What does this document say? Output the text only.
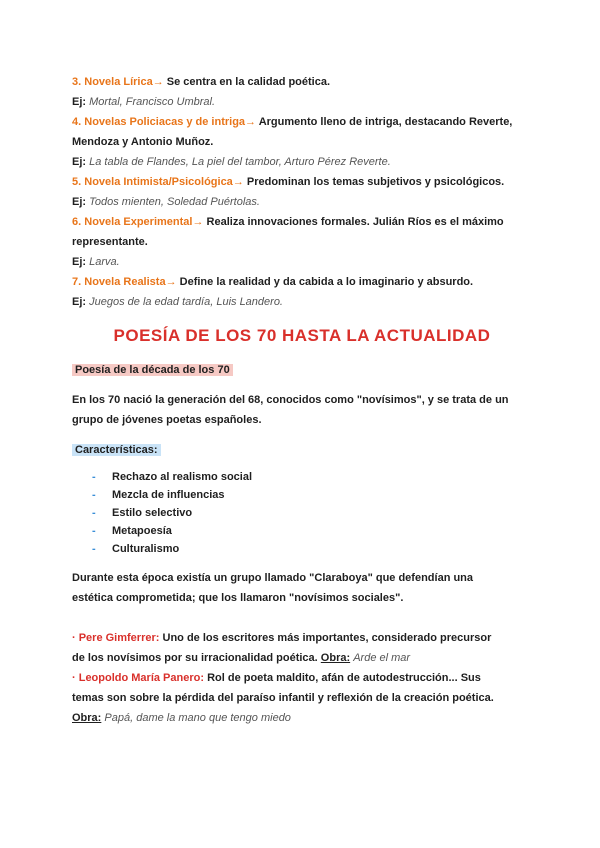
3. Novela Lírica→ Se centra en la calidad poética.
Ej: Mortal, Francisco Umbral.
4. Novelas Policiacas y de intriga→ Argumento lleno de intriga, destacando Reverte,
Mendoza y Antonio Muñoz.
Ej: La tabla de Flandes, La piel del tambor, Arturo Pérez Reverte.
5. Novela Intimista/Psicológica→ Predominan los temas subjetivos y psicológicos.
Ej: Todos mienten, Soledad Puértolas.
6. Novela Experimental→ Realiza innovaciones formales. Julián Ríos es el máximo
representante.
Ej: Larva.
7. Novela Realista→ Define la realidad y da cabida a lo imaginario y absurdo.
Ej: Juegos de la edad tardía, Luis Landero.
POESÍA DE LOS 70 HASTA LA ACTUALIDAD
Poesía de la década de los 70
En los 70 nació la generación del 68, conocidos como "novísimos", y se trata de un
grupo de jóvenes poetas españoles.
Características:
- Rechazo al realismo social
- Mezcla de influencias
- Estilo selectivo
- Metapoesía
- Culturalismo
Durante esta época existía un grupo llamado "Claraboya" que defendían una
estética comprometida; que los llamaron "novísimos sociales".
· Pere Gimferrer: Uno de los escritores más importantes, considerado precursor
de los novísimos por su irracionalidad poética. Obra: Arde el mar
· Leopoldo María Panero: Rol de poeta maldito, afán de autodestrucción... Sus
temas son sobre la pérdida del paraíso infantil y reflexión de la creación poética.
Obra: Papá, dame la mano que tengo miedo
